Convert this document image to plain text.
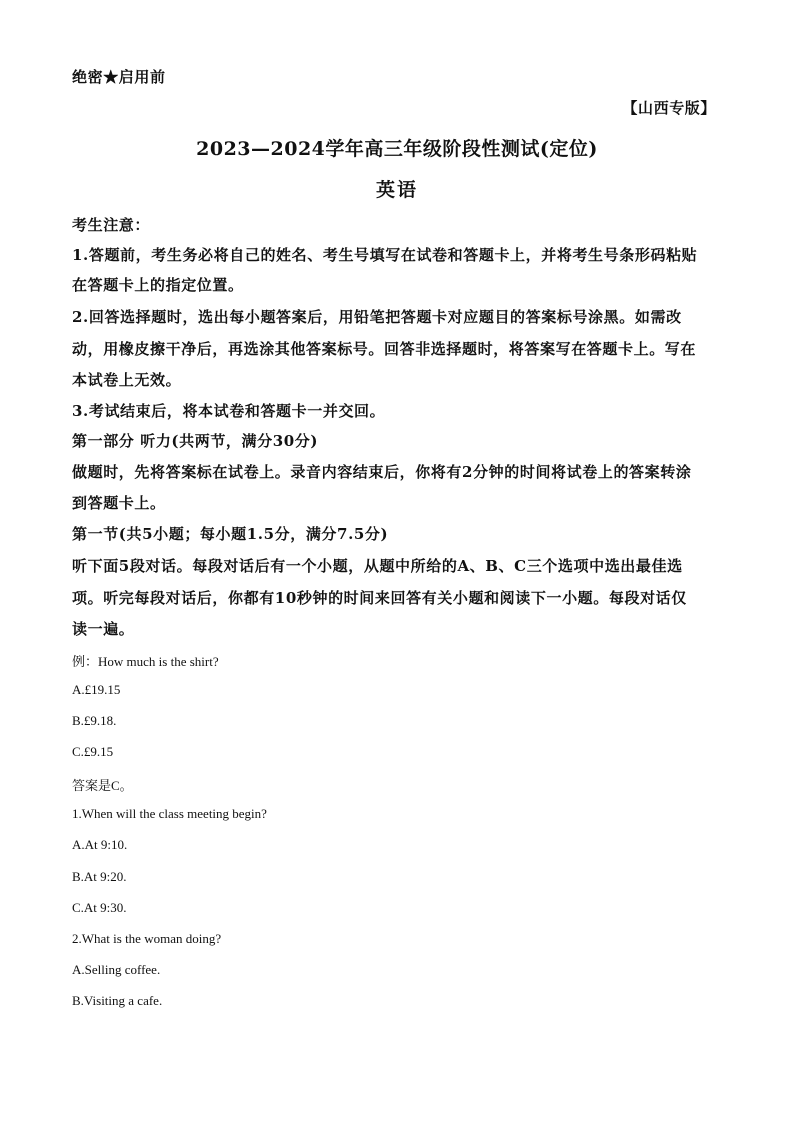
绝密★启用前
【山西专版】
2023—2024学年高三年级阶段性测试(定位)
英语
考生注意：
1.答题前，考生务必将自己的姓名、考生号填写在试卷和答题卡上，并将考生号条形码粘贴
在答题卡上的指定位置。
2.回答选择题时，选出每小题答案后，用铅笔把答题卡对应题目的答案标号涂黑。如需改
动，用橡皮擦干净后，再选涂其他答案标号。回答非选择题时，将答案写在答题卡上。写在
本试卷上无效。
3.考试结束后，将本试卷和答题卡一并交回。
第一部分 听力(共两节，满分30分)
做题时，先将答案标在试卷上。录音内容结束后，你将有2分钟的时间将试卷上的答案转涂
到答题卡上。
第一节(共5小题；每小题1.5分，满分7.5分)
听下面5段对话。每段对话后有一个小题，从题中所给的A、B、C三个选项中选出最佳选
项。听完每段对话后，你都有10秒钟的时间来回答有关小题和阅读下一小题。每段对话仅
读一遍。
例：How much is the shirt?
A.£19.15
B.£9.18.
C.£9.15
答案是C。
1.When will the class meeting begin?
A.At 9:10.
B.At 9:20.
C.At 9:30.
2.What is the woman doing?
A.Selling coffee.
B.Visiting a cafe.
